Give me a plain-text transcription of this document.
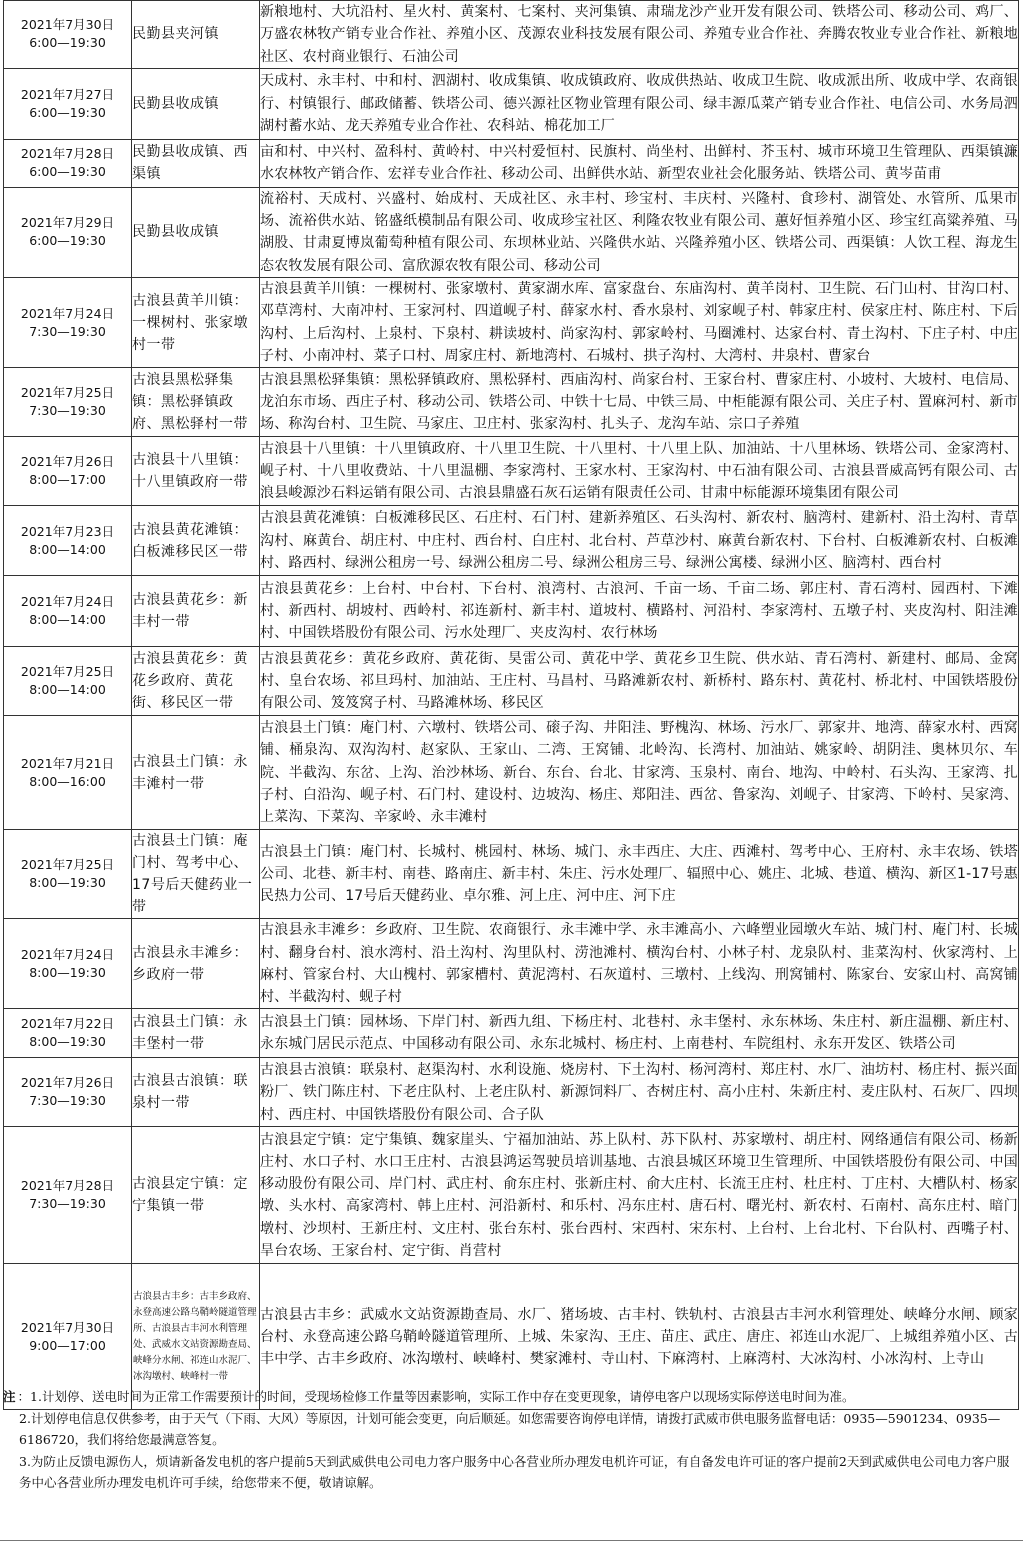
2021年7月30日
6:00—19:30	民勤县夹河镇	新粮地村、大坑沿村、星火村、黄案村、七案村、夹河集镇、肃瑞龙沙产业开发有限公司、铁塔公司、移动公司、鸡厂、万盛农林牧产销专业合作社、养殖小区、茂源农业科技发展有限公司、养殖专业合作社、奔腾农牧业专业合作社、新粮地社区、农村商业银行、石油公司

2021年7月27日
6:00—19:30	民勤县收成镇	天成村、永丰村、中和村、泗湖村、收成集镇、收成镇政府、收成供热站、收成卫生院、收成派出所、收成中学、农商银行、村镇银行、邮政储蓄、铁塔公司、德兴源社区物业管理有限公司、绿丰源瓜菜产销专业合作社、电信公司、水务局泗湖村蓄水站、龙天养殖专业合作社、农科站、棉花加工厂

2021年7月28日
6:00—19:30	民勤县收成镇、西渠镇	亩和村、中兴村、盈科村、黄岭村、中兴村爱恒村、民旗村、尚坐村、出鲜村、芥玉村、城市环境卫生管理队、西渠镇濂水农林牧产销合作、宏祥专业合作社、移动公司、出鲜供水站、新型农业社会化服务站、铁塔公司、黄岑苗甫

2021年7月29日
6:00—19:30	民勤县收成镇	流裕村、天成村、兴盛村、始成村、天成社区、永丰村、珍宝村、丰庆村、兴隆村、食珍村、湖管处、水管所、瓜果市场、流裕供水站、铭盛纸模制品有限公司、收成珍宝社区、利隆农牧业有限公司、蕙好恒养殖小区、珍宝红高粱养殖、马湖股、甘肃夏博岚葡萄种植有限公司、东坝林业站、兴隆供水站、兴隆养殖小区、铁塔公司、西渠镇：人饮工程、海龙生态农牧发展有限公司、富欣源农牧有限公司、移动公司

2021年7月24日
7:30—19:30	古浪县黄羊川镇：一棵树村、张家墩村一带	古浪县黄羊川镇：一棵树村、张家墩村、黄家湖水库、富家盘台、东庙沟村、黄羊岗村、卫生院、石门山村、甘沟口村、邓草湾村、大南冲村、王家河村、四道岘子村、薛家水村、香水泉村、刘家岘子村、韩家庄村、侯家庄村、陈庄村、下后沟村、上后沟村、上泉村、下泉村、耕读坡村、尚家沟村、郭家岭村、马圈滩村、达家台村、青土沟村、下庄子村、中庄子村、小南冲村、菜子口村、周家庄村、新地湾村、石城村、拱子沟村、大湾村、井泉村、曹家台

2021年7月25日
7:30—19:30	古浪县黑松驿集镇：黑松驿镇政府、黑松驿村一带	古浪县黑松驿集镇：黑松驿镇政府、黑松驿村、西庙沟村、尚家台村、王家台村、曹家庄村、小坡村、大坡村、电信局、龙泊东市场、西庄子村、移动公司、铁塔公司、中铁十七局、中铁三局、中柜能源有限公司、关庄子村、置麻河村、新市场、称沟台村、卫生院、马家庄、卫庄村、张家沟村、扎头子、龙沟车站、宗口子养殖

2021年7月26日
8:00—17:00	古浪县十八里镇：十八里镇政府一带	古浪县十八里镇：十八里镇政府、十八里卫生院、十八里村、十八里上队、加油站、十八里林场、铁塔公司、金家湾村、岘子村、十八里收费站、十八里温棚、李家湾村、王家水村、王家沟村、中石油有限公司、古浪县晋威高钙有限公司、古浪县峻源沙石料运销有限公司、古浪县鼎盛石灰石运销有限责任公司、甘肃中标能源环境集团有限公司

2021年7月23日
8:00—14:00	古浪县黄花滩镇：白板滩移民区一带	古浪县黄花滩镇：白板滩移民区、石庄村、石门村、建新养殖区、石头沟村、新农村、脑湾村、建新村、沿土沟村、青草沟村、麻黄台、胡庄村、中庄村、西台村、白庄村、北台村、芦草沙村、麻黄台新农村、下台村、白板滩新农村、白板滩村、路西村、绿洲公租房一号、绿洲公租房二号、绿洲公租房三号、绿洲公寓楼、绿洲小区、脑湾村、西台村

2021年7月24日
8:00—14:00	古浪县黄花乡：新丰村一带	古浪县黄花乡：上台村、中台村、下台村、浪湾村、古浪河、千亩一场、千亩二场、郭庄村、青石湾村、园西村、下滩村、新西村、胡坡村、西岭村、祁连新村、新丰村、道坡村、横路村、河沿村、李家湾村、五墩子村、夹皮沟村、阳洼滩村、中国铁塔股份有限公司、污水处理厂、夹皮沟村、农行林场

2021年7月25日
8:00—14:00	古浪县黄花乡：黄花乡政府、黄花街、移民区一带	古浪县黄花乡：黄花乡政府、黄花街、昊雷公司、黄花中学、黄花乡卫生院、供水站、青石湾村、新建村、邮局、金窝村、皇台农场、祁旦玛村、加油站、王庄村、马昌村、马路滩新农村、新桥村、路东村、黄花村、桥北村、中国铁塔股份有限公司、笈笈窝子村、马路滩林场、移民区

2021年7月21日
8:00—16:00	古浪县土门镇：永丰滩村一带	古浪县土门镇：庵门村、六墩村、铁塔公司、磙子沟、井阳洼、野槐沟、林场、污水厂、郭家井、地湾、薛家水村、西窝铺、桶泉沟、双沟沟村、赵家队、王家山、二湾、王窝铺、北岭沟、长湾村、加油站、姚家岭、胡阴洼、奥林贝尔、车院、半截沟、东岔、上沟、治沙林场、新台、东台、台北、甘家湾、玉泉村、南台、地沟、中岭村、石头沟、王家湾、扎子村、白沿沟、岘子村、石门村、建设村、边坡沟、杨庄、郑阳洼、西岔、鲁家沟、刘岘子、甘家湾、下岭村、吴家湾、上菜沟、下菜沟、辛家岭、永丰滩村

2021年7月25日
8:00—19:30	古浪县土门镇：庵门村、驾考中心、17号后天健药业一带	古浪县土门镇：庵门村、长城村、桃园村、林场、城门、永丰西庄、大庄、西滩村、驾考中心、王府村、永丰农场、铁塔公司、北巷、新丰村、南巷、路南庄、新丰村、朱庄、污水处理厂、辐照中心、姚庄、北城、巷道、横沟、新区1-17号惠民热力公司、17号后天健药业、卓尔雅、河上庄、河中庄、河下庄

2021年7月24日
8:00—19:30	古浪县永丰滩乡：乡政府一带	古浪县永丰滩乡：乡政府、卫生院、农商银行、永丰滩中学、永丰滩高小、六峰塑业园墩火车站、城门村、庵门村、长城村、翻身台村、浪水湾村、沿土沟村、沟里队村、涝池滩村、横沟台村、小林子村、龙泉队村、韭菜沟村、伙家湾村、上麻村、管家台村、大山槐村、郭家槽村、黄泥湾村、石灰道村、三墩村、上线沟、刑窝铺村、陈家台、安家山村、高窝铺村、半截沟村、蚬子村

2021年7月22日
8:00—19:30	古浪县土门镇：永丰堡村一带	古浪县土门镇：园林场、下岸门村、新西九组、下杨庄村、北巷村、永丰堡村、永东林场、朱庄村、新庄温棚、新庄村、永东城门居民示范点、中国移动有限公司、永东北城村、杨庄村、上南巷村、车院组村、永东开发区、铁塔公司

2021年7月26日
7:30—19:30	古浪县古浪镇：联泉村一带	古浪县古浪镇：联泉村、赵渠沟村、水利设施、烧房村、下土沟村、杨河湾村、郑庄村、水厂、油坊村、杨庄村、振兴面粉厂、铁门陈庄村、下老庄队村、上老庄队村、新源饲料厂、杏树庄村、高小庄村、朱新庄村、麦庄队村、石灰厂、四坝村、西庄村、中国铁塔股份有限公司、合子队

2021年7月28日
7:30—19:30	古浪县定宁镇：定宁集镇一带	古浪县定宁镇：定宁集镇、魏家崖头、宁福加油站、苏上队村、苏下队村、苏家墩村、胡庄村、网络通信有限公司、杨新庄村、水口子村、水口王庄村、古浪县鸿运驾驶员培训基地、古浪县城区环境卫生管理所、中国铁塔股份有限公司、中国移动股份有限公司、岸门村、武庄村、俞东庄村、张新庄村、俞大庄村、长流王庄村、杜庄村、丁庄村、大槽队村、杨家墩、头水村、高家湾村、韩上庄村、河沿新村、和乐村、冯东庄村、唐石村、曙光村、新农村、石南村、高东庄村、暗门墩村、沙坝村、王新庄村、文庄村、张台东村、张台西村、宋西村、宋东村、上台村、上台北村、下台队村、西嘴子村、旱台农场、王家台村、定宁街、肖营村

2021年7月30日
9:00—17:00	古浪县古丰乡：古丰乡政府、永登高速公路乌鞘岭隧道管理所、古浪县古丰河水利管理处、武威水文站资源勘查局、峡峰分水闸、祁连山水泥厂、冰沟墩村、峡峰村一带	古浪县古丰乡：武威水文站资源勘查局、水厂、猪场坡、古丰村、铁轨村、古浪县古丰河水利管理处、峡峰分水闸、顾家台村、永登高速公路乌鞘岭隧道管理所、上城、朱家沟、王庄、苗庄、武庄、唐庄、祁连山水泥厂、上城组养殖小区、古丰中学、古丰乡政府、冰沟墩村、峡峰村、樊家滩村、寺山村、下麻湾村、上麻湾村、大冰沟村、小冰沟村、上寺山

注 ：1.计划停、送电时间为正常工作需要预计的时间，受现场检修工作量等因素影响，实际工作中存在变更现象，请停电客户以现场实际停送电时间为准。

2.计划停电信息仅供参考，由于天气（下雨、大风）等原因，计划可能会变更，向后顺延。如您需要咨询停电详情，请拨打武威市供电服务监督电话：0935—5901234、0935—6186720，我们将给您最满意答复。

3.为防止反馈电源伤人，烦请新备发电机的客户提前5天到武威供电公司电力客户服务中心各营业所办理发电机许可证，有自备发电许可证的客户提前2天到武威供电公司电力客户服务中心各营业所办理发电机许可手续，给您带来不便，敬请谅解。
